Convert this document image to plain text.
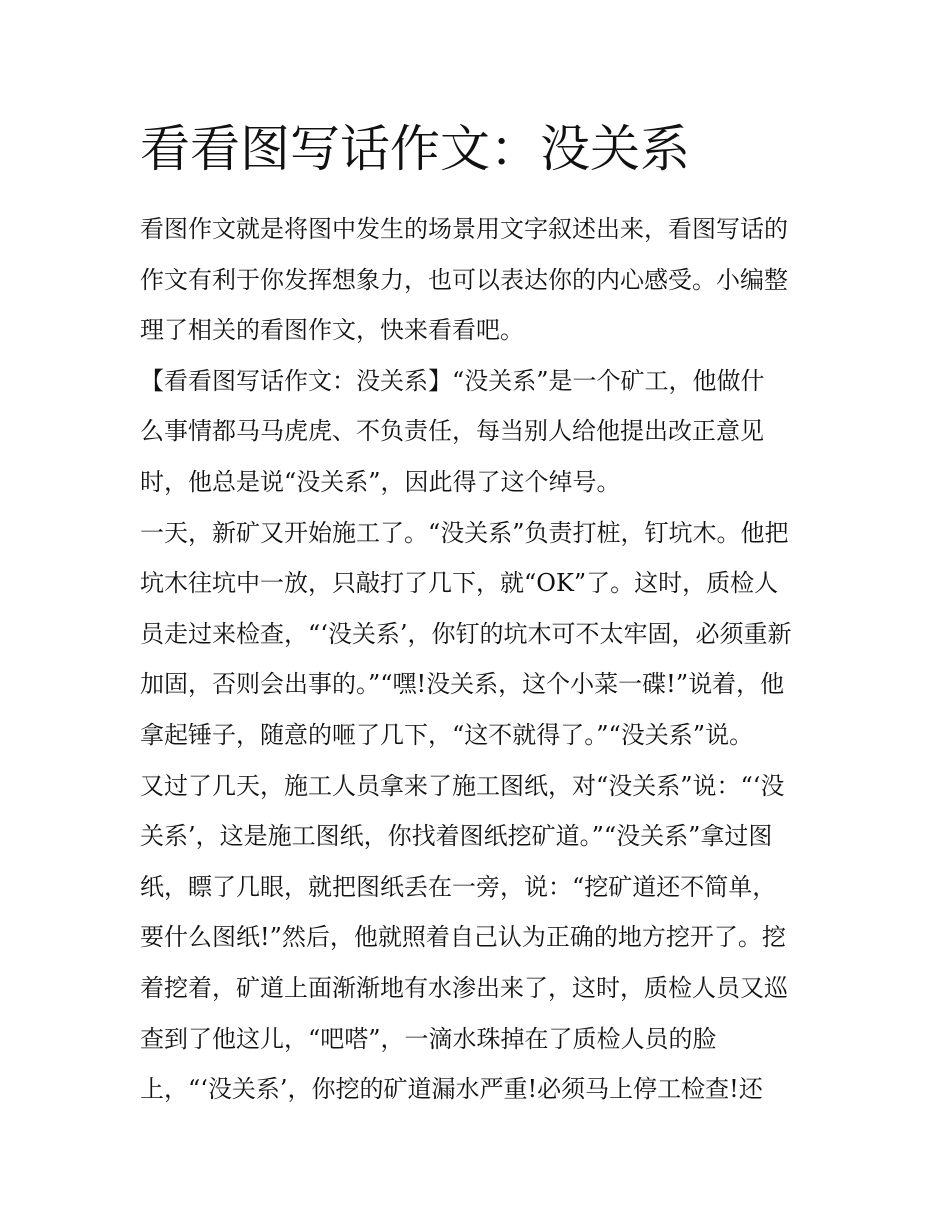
看看图写话作文：没关系
看图作文就是将图中发生的场景用文字叙述出来，看图写话的
作文有利于你发挥想象力，也可以表达你的内心感受。小编整
理了相关的看图作文，快来看看吧。
【看看图写话作文：没关系】“没关系”是一个矿工，他做什
么事情都马马虎虎、不负责任，每当别人给他提出改正意见
时，他总是说“没关系”，因此得了这个绰号。
一天，新矿又开始施工了。“没关系”负责打桩，钉坑木。他把
坑木往坑中一放，只敲打了几下，就“OK”了。这时，质检人
员走过来检查，“‘没关系’，你钉的坑木可不太牢固，必须重新
加固，否则会出事的。”“嘿!没关系，这个小菜一碟!”说着，他
拿起锤子，随意的咂了几下，“这不就得了。”“没关系”说。
又过了几天，施工人员拿来了施工图纸，对“没关系”说：“‘没
关系’，这是施工图纸，你找着图纸挖矿道。”“没关系”拿过图
纸，瞟了几眼，就把图纸丢在一旁，说：“挖矿道还不简单，
要什么图纸!”然后，他就照着自己认为正确的地方挖开了。挖
着挖着，矿道上面渐渐地有水渗出来了，这时，质检人员又巡
查到了他这儿，“吧嗒”，一滴水珠掉在了质检人员的脸
上，“‘没关系’，你挖的矿道漏水严重!必须马上停工检查!还
